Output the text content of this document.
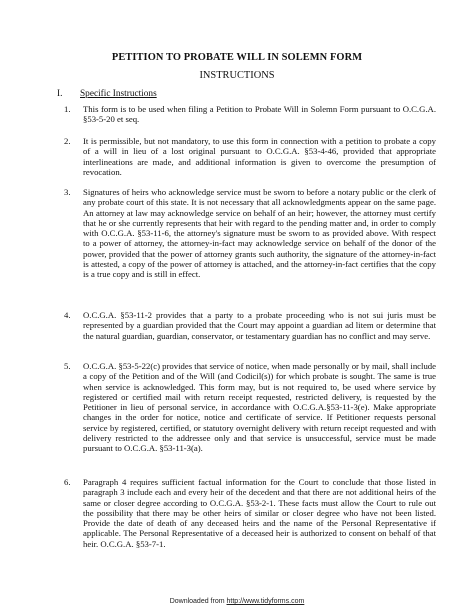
PETITION TO PROBATE WILL IN SOLEMN FORM
INSTRUCTIONS
I. Specific Instructions
1.	This form is to be used when filing a Petition to Probate Will in Solemn Form pursuant to O.C.G.A. §53-5-20 et seq.
2.	It is permissible, but not mandatory, to use this form in connection with a petition to probate a copy of a will in lieu of a lost original pursuant to O.C.G.A. §53-4-46, provided that appropriate interlineations are made, and additional information is given to overcome the presumption of revocation.
3.	Signatures of heirs who acknowledge service must be sworn to before a notary public or the clerk of any probate court of this state. It is not necessary that all acknowledgments appear on the same page. An attorney at law may acknowledge service on behalf of an heir; however, the attorney must certify that he or she currently represents that heir with regard to the pending matter and, in order to comply with O.C.G.A. §53-11-6, the attorney's signature must be sworn to as provided above. With respect to a power of attorney, the attorney-in-fact may acknowledge service on behalf of the donor of the power, provided that the power of attorney grants such authority, the signature of the attorney-in-fact is attested, a copy of the power of attorney is attached, and the attorney-in-fact certifies that the copy is a true copy and is still in effect.
4.	O.C.G.A. §53-11-2 provides that a party to a probate proceeding who is not sui juris must be represented by a guardian provided that the Court may appoint a guardian ad litem or determine that the natural guardian, guardian, conservator, or testamentary guardian has no conflict and may serve.
5.	O.C.G.A. §53-5-22(c) provides that service of notice, when made personally or by mail, shall include a copy of the Petition and of the Will (and Codicil(s)) for which probate is sought. The same is true when service is acknowledged. This form may, but is not required to, be used where service by registered or certified mail with return receipt requested, restricted delivery, is requested by the Petitioner in lieu of personal service, in accordance with O.C.G.A.§53-11-3(e). Make appropriate changes in the order for notice, notice and certificate of service. If Petitioner requests personal service by registered, certified, or statutory overnight delivery with return receipt requested and with delivery restricted to the addressee only and that service is unsuccessful, service must be made pursuant to O.C.G.A. §53-11-3(a).
6.	Paragraph 4 requires sufficient factual information for the Court to conclude that those listed in paragraph 3 include each and every heir of the decedent and that there are not additional heirs of the same or closer degree according to O.C.G.A. §53-2-1. These facts must allow the Court to rule out the possibility that there may be other heirs of similar or closer degree who have not been listed. Provide the date of death of any deceased heirs and the name of the Personal Representative if applicable. The Personal Representative of a deceased heir is authorized to consent on behalf of that heir. O.C.G.A. §53-7-1.
Downloaded from http://www.tidyforms.com
